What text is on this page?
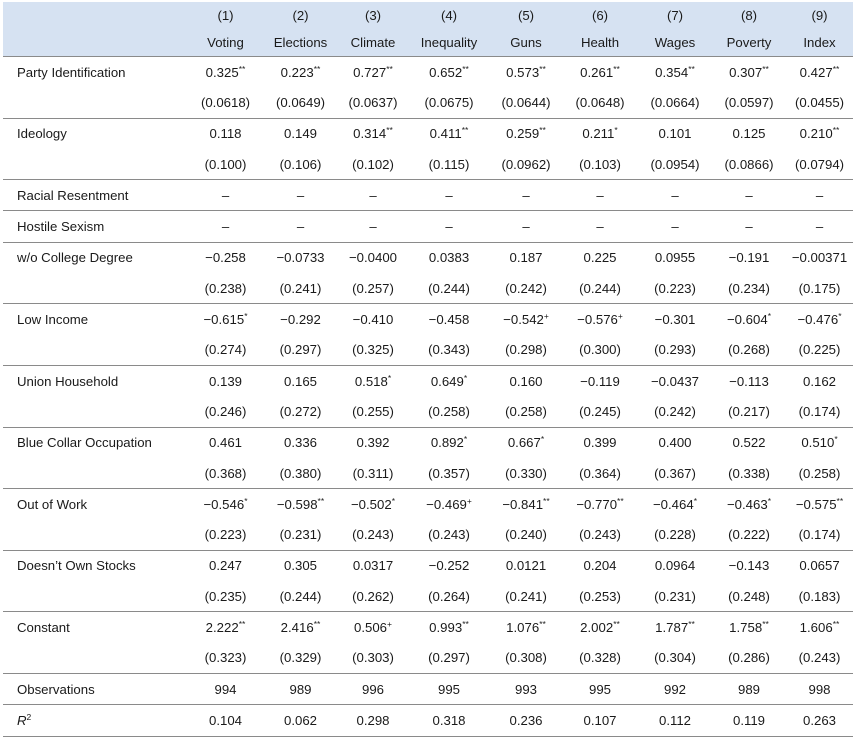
	(1)	(2)	(3)	(4)	(5)	(6)	(7)	(8)	(9)
	Voting	Elections	Climate	Inequality	Guns	Health	Wages	Poverty	Index
Party Identification	0.325**	0.223**	0.727**	0.652**	0.573**	0.261**	0.354**	0.307**	0.427**
	(0.0618)	(0.0649)	(0.0637)	(0.0675)	(0.0644)	(0.0648)	(0.0664)	(0.0597)	(0.0455)
Ideology	0.118	0.149	0.314**	0.411**	0.259**	0.211*	0.101	0.125	0.210**
	(0.100)	(0.106)	(0.102)	(0.115)	(0.0962)	(0.103)	(0.0954)	(0.0866)	(0.0794)
Racial Resentment	–	–	–	–	–	–	–	–	–
Hostile Sexism	–	–	–	–	–	–	–	–	–
w/o College Degree	−0.258	−0.0733	−0.0400	0.0383	0.187	0.225	0.0955	−0.191	−0.00371
	(0.238)	(0.241)	(0.257)	(0.244)	(0.242)	(0.244)	(0.223)	(0.234)	(0.175)
Low Income	−0.615*	−0.292	−0.410	−0.458	−0.542+	−0.576+	−0.301	−0.604*	−0.476*
	(0.274)	(0.297)	(0.325)	(0.343)	(0.298)	(0.300)	(0.293)	(0.268)	(0.225)
Union Household	0.139	0.165	0.518*	0.649*	0.160	−0.119	−0.0437	−0.113	0.162
	(0.246)	(0.272)	(0.255)	(0.258)	(0.258)	(0.245)	(0.242)	(0.217)	(0.174)
Blue Collar Occupation	0.461	0.336	0.392	0.892*	0.667*	0.399	0.400	0.522	0.510*
	(0.368)	(0.380)	(0.311)	(0.357)	(0.330)	(0.364)	(0.367)	(0.338)	(0.258)
Out of Work	−0.546*	−0.598**	−0.502*	−0.469+	−0.841**	−0.770**	−0.464*	−0.463*	−0.575**
	(0.223)	(0.231)	(0.243)	(0.243)	(0.240)	(0.243)	(0.228)	(0.222)	(0.174)
Doesn’t Own Stocks	0.247	0.305	0.0317	−0.252	0.0121	0.204	0.0964	−0.143	0.0657
	(0.235)	(0.244)	(0.262)	(0.264)	(0.241)	(0.253)	(0.231)	(0.248)	(0.183)
Constant	2.222**	2.416**	0.506+	0.993**	1.076**	2.002**	1.787**	1.758**	1.606**
	(0.323)	(0.329)	(0.303)	(0.297)	(0.308)	(0.328)	(0.304)	(0.286)	(0.243)
Observations	994	989	996	995	993	995	992	989	998
$R^2$	0.104	0.062	0.298	0.318	0.236	0.107	0.112	0.119	0.263
